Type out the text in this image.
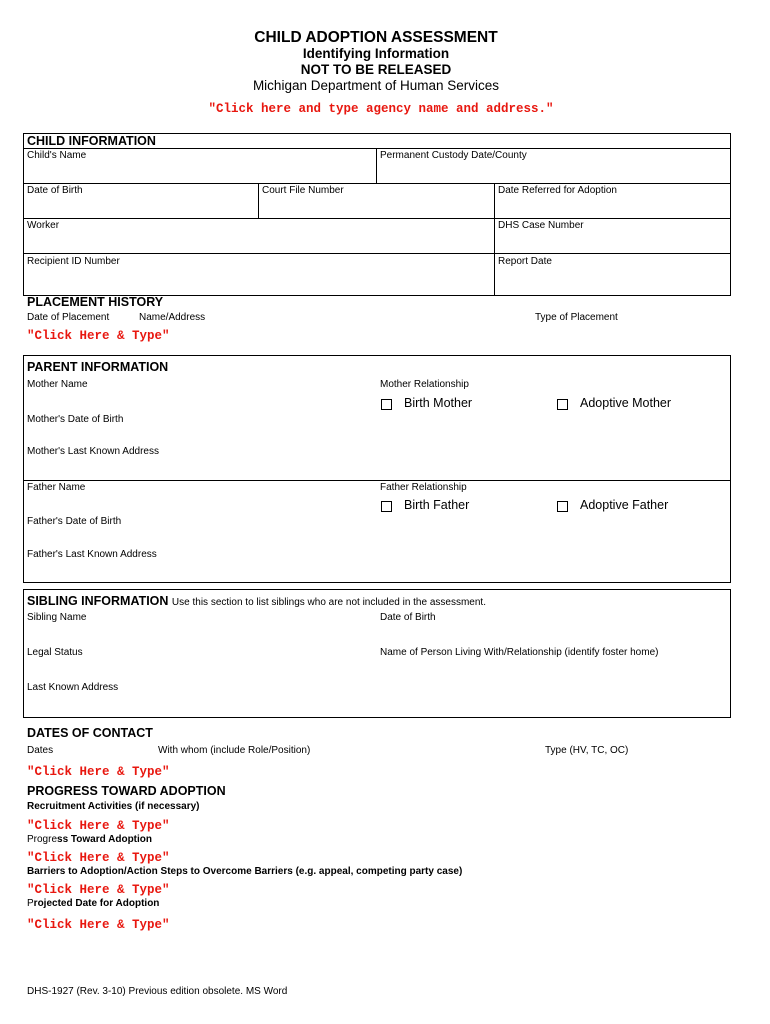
CHILD ADOPTION ASSESSMENT
Identifying Information
NOT TO BE RELEASED
Michigan Department of Human Services
"Click here and type agency name and address."
CHILD INFORMATION
Child's Name	Permanent Custody Date/County
Date of Birth	Court File Number	Date Referred for Adoption
Worker	DHS Case Number
Recipient ID Number	Report Date
PLACEMENT HISTORY
Date of Placement	Name/Address	Type of Placement
"Click Here & Type"
PARENT INFORMATION
Mother Name	Mother Relationship
Birth Mother	Adoptive Mother
Mother's Date of Birth
Mother's Last Known Address
Father Name	Father Relationship
Birth Father	Adoptive Father
Father's Date of Birth
Father's Last Known Address
SIBLING INFORMATION Use this section to list siblings who are not included in the assessment.
Sibling Name	Date of Birth
Legal Status	Name of Person Living With/Relationship (identify foster home)
Last Known Address
DATES OF CONTACT
Dates	With whom (include Role/Position)	Type (HV, TC, OC)
"Click Here & Type"
PROGRESS TOWARD ADOPTION
Recruitment Activities (if necessary)
"Click Here & Type"
Progress Toward Adoption
"Click Here & Type"
Barriers to Adoption/Action Steps to Overcome Barriers (e.g. appeal, competing party case)
"Click Here & Type"
Projected Date for Adoption
"Click Here & Type"
DHS-1927 (Rev. 3-10) Previous edition obsolete. MS Word
